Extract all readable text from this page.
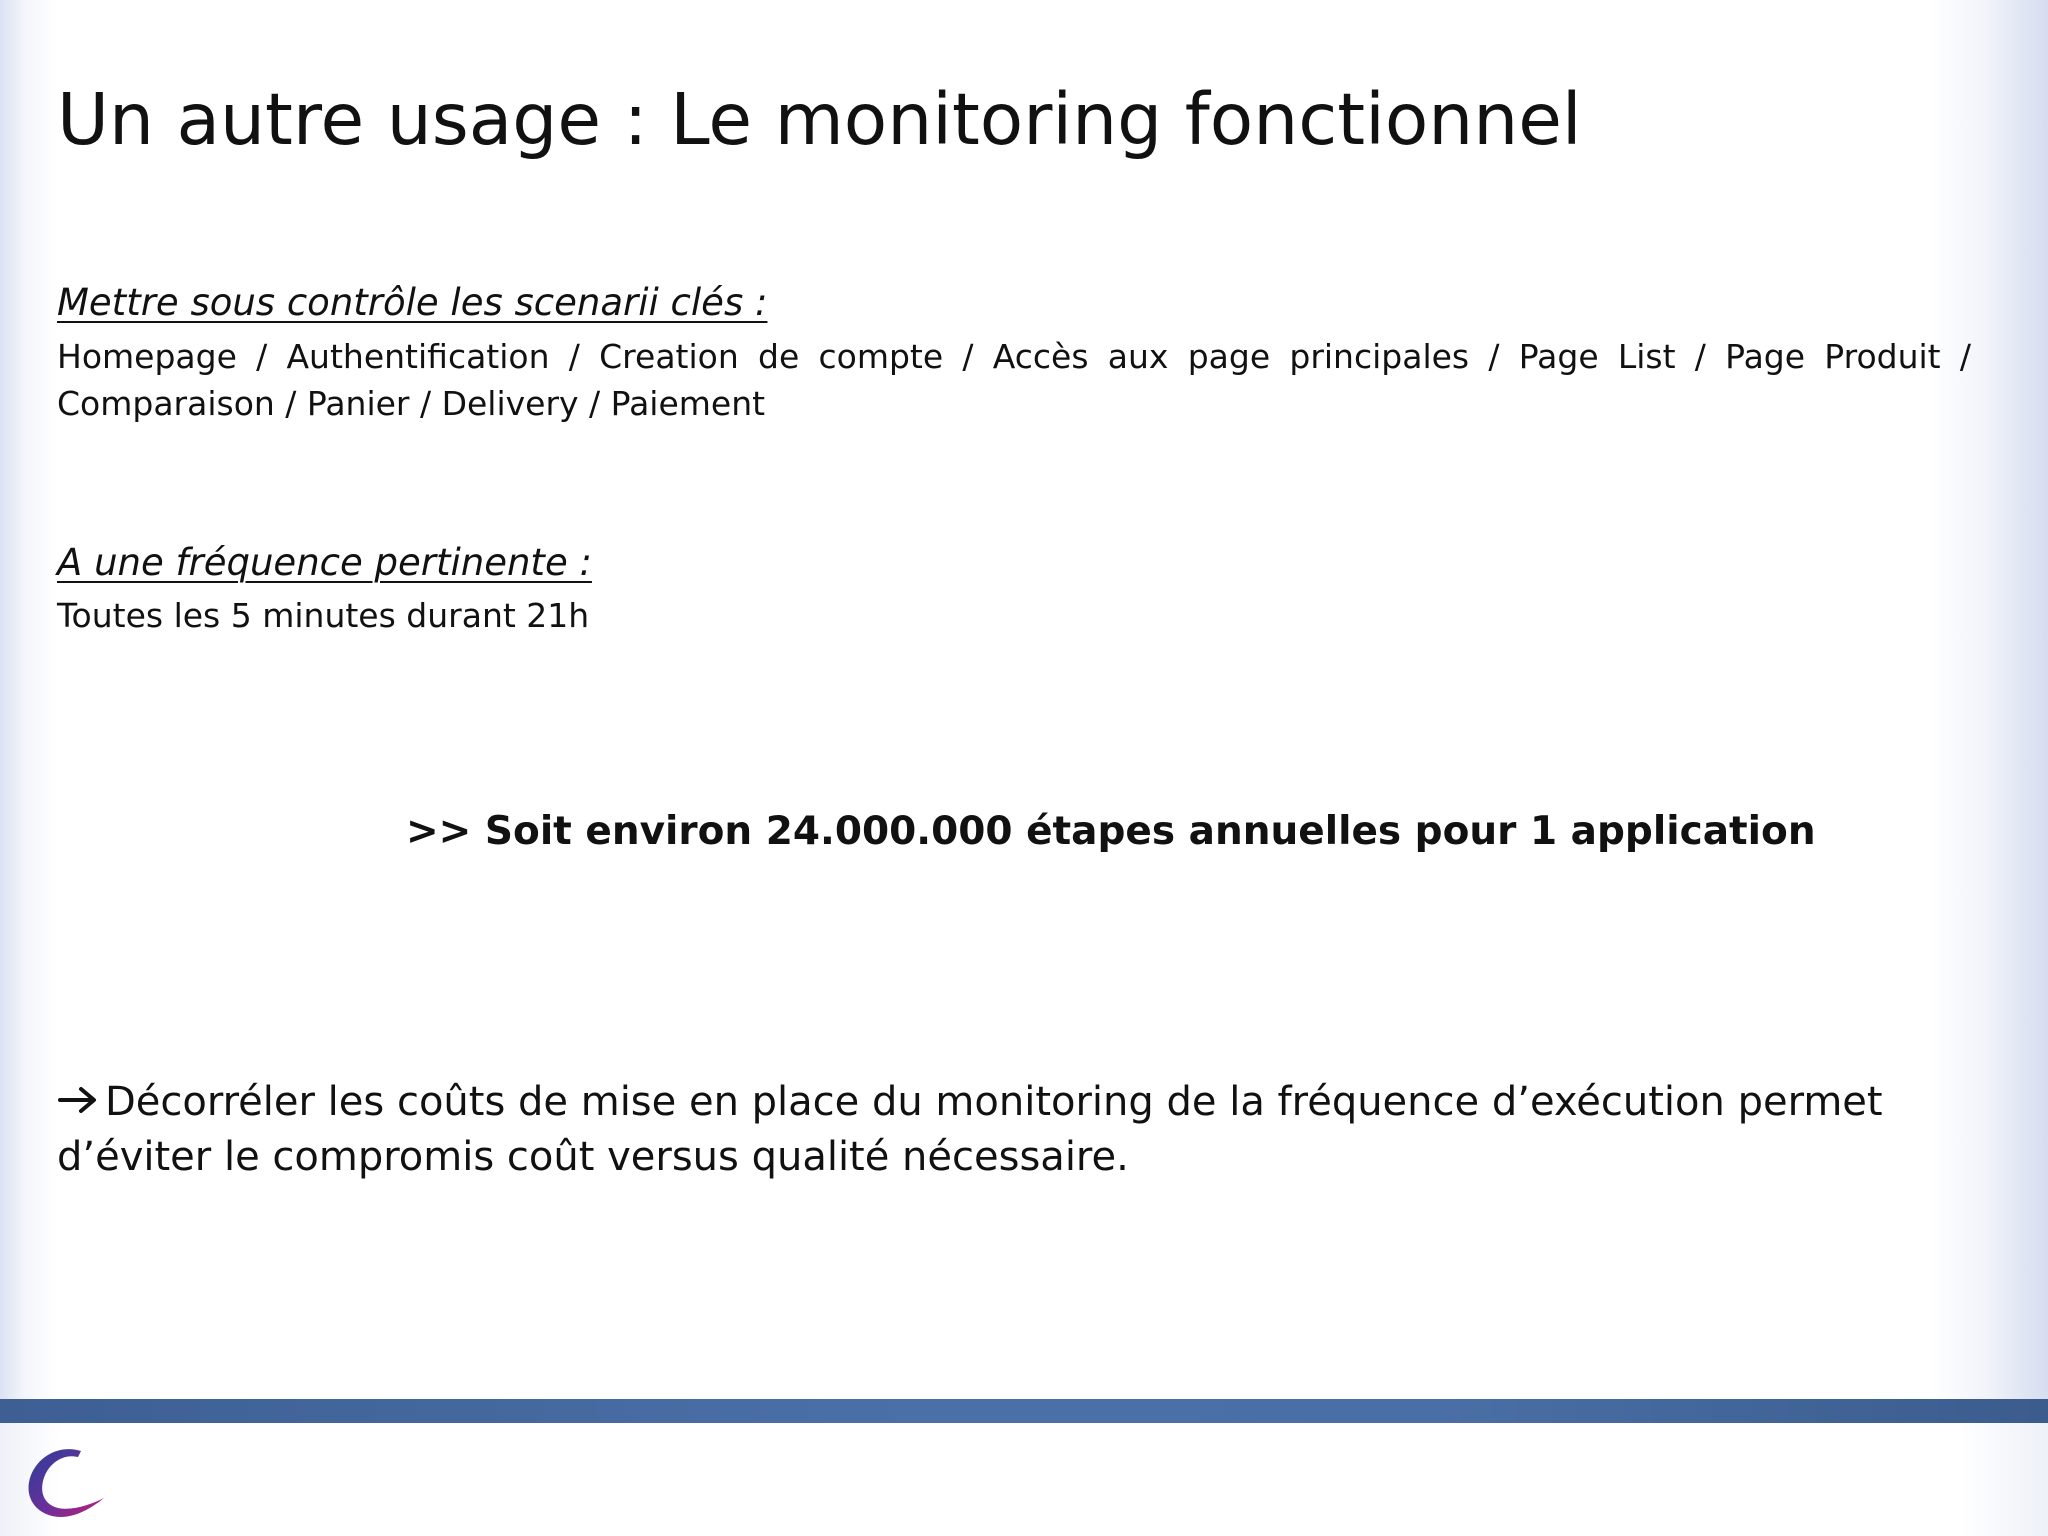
Un autre usage : Le monitoring fonctionnel
Mettre sous contrôle les scenarii clés :
Homepage / Authentification / Creation de compte / Accès aux page principales / Page List / Page Produit / Comparaison / Panier / Delivery / Paiement
A une fréquence pertinente :
Toutes les 5 minutes durant 21h
>> Soit environ 24.000.000 étapes annuelles pour 1 application
Décorréler les coûts de mise en place du monitoring de la fréquence d’exécution permet d’éviter le compromis coût versus qualité nécessaire.
